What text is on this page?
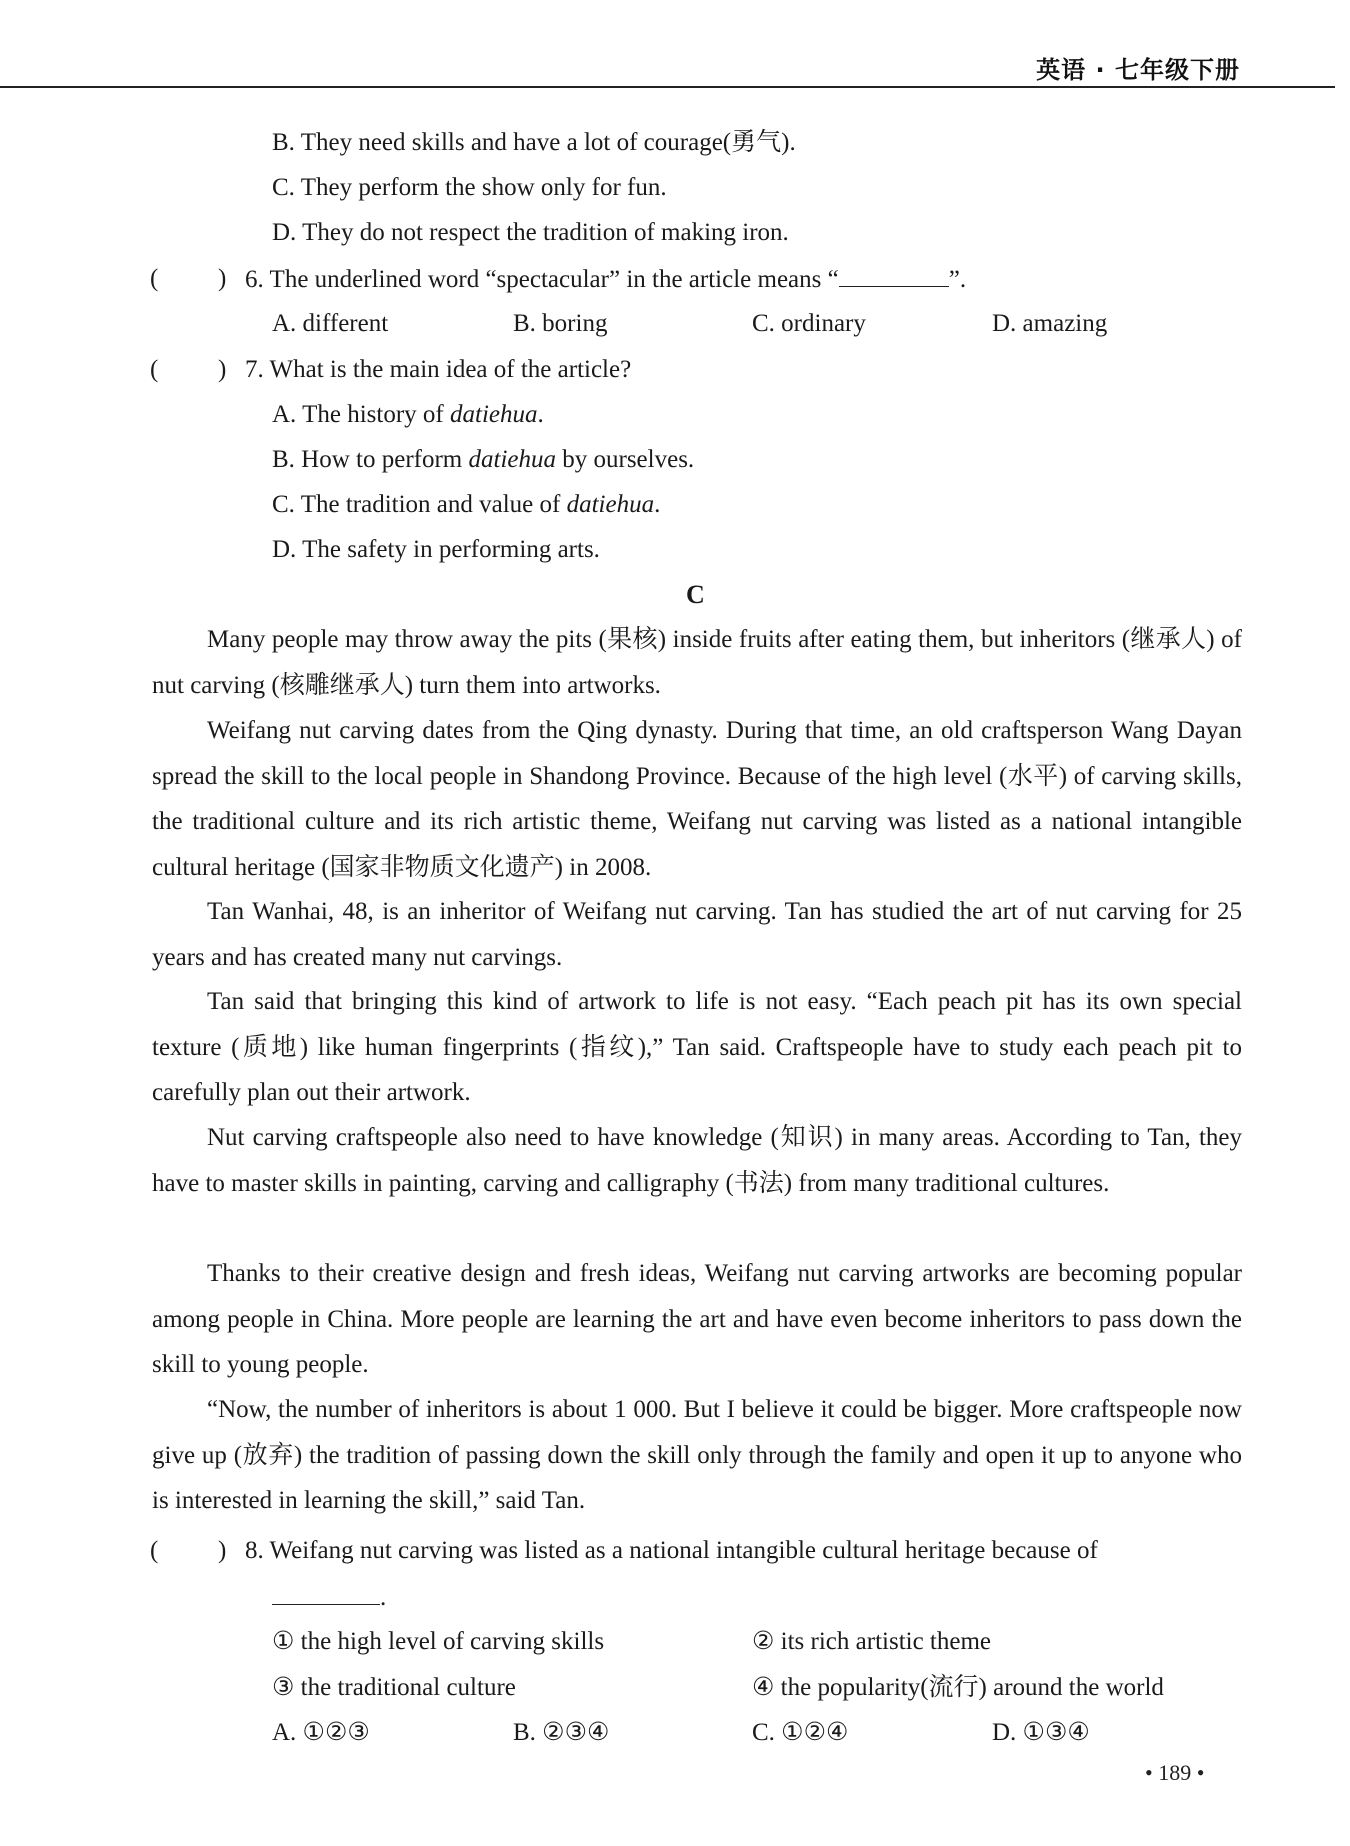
英语 · 七年级下册
B. They need skills and have a lot of courage(勇气).
C. They perform the show only for fun.
D. They do not respect the tradition of making iron.
( ) 6. The underlined word “spectacular” in the article means “	”.
A. different	B. boring	C. ordinary	D. amazing
( ) 7. What is the main idea of the article?
A. The history of datiehua.
B. How to perform datiehua by ourselves.
C. The tradition and value of datiehua.
D. The safety in performing arts.
C

Many people may throw away the pits (果核) inside fruits after eating them, but inheritors (继承人) of nut carving (核雕继承人) turn them into artworks.

Weifang nut carving dates from the Qing dynasty. During that time, an old craftsperson Wang Dayan spread the skill to the local people in Shandong Province. Because of the high level (水平) of carving skills, the traditional culture and its rich artistic theme, Weifang nut carving was listed as a national intangible cultural heritage (国家非物质文化遗产) in 2008.

Tan Wanhai, 48, is an inheritor of Weifang nut carving. Tan has studied the art of nut carving for 25 years and has created many nut carvings.

Tan said that bringing this kind of artwork to life is not easy. “Each peach pit has its own special texture (质地) like human fingerprints (指纹),” Tan said. Craftspeople have to study each peach pit to carefully plan out their artwork.

Nut carving craftspeople also need to have knowledge (知识) in many areas. According to Tan, they have to master skills in painting, carving and calligraphy (书法) from many traditional cultures.

Thanks to their creative design and fresh ideas, Weifang nut carving artworks are becoming popular among people in China. More people are learning the art and have even become inheritors to pass down the skill to young people.

“Now, the number of inheritors is about 1 000. But I believe it could be bigger. More craftspeople now give up (放弃) the tradition of passing down the skill only through the family and open it up to anyone who is interested in learning the skill,” said Tan.

( ) 8. Weifang nut carving was listed as a national intangible cultural heritage because of
.
① the high level of carving skills	② its rich artistic theme
③ the traditional culture	④ the popularity(流行) around the world
A. ①②③	B. ②③④	C. ①②④	D. ①③④
• 189 •
